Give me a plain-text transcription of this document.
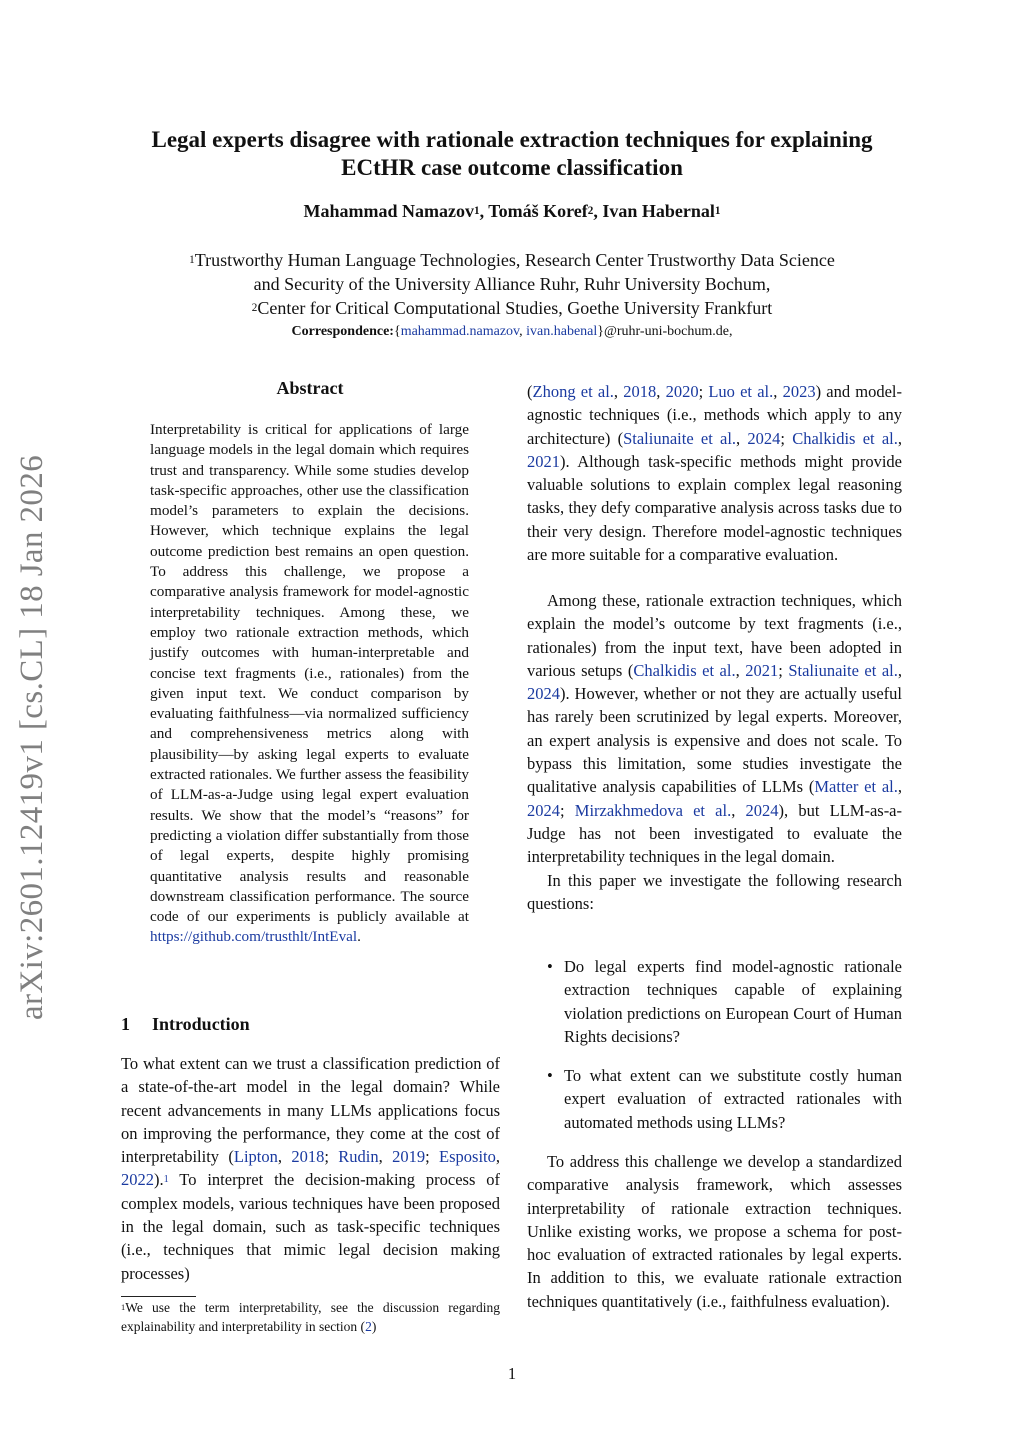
arXiv:2601.12419v1 [cs.CL] 18 Jan 2026
Legal experts disagree with rationale extraction techniques for explaining
ECtHR case outcome classification
Mahammad Namazov$^1$, Tomáš Koref$^2$, Ivan Habernal$^1$
$^1$Trustworthy Human Language Technologies, Research Center Trustworthy Data Science
and Security of the University Alliance Ruhr, Ruhr University Bochum,
$^2$Center for Critical Computational Studies, Goethe University Frankfurt
Correspondence:{mahammad.namazov, ivan.habenal}@ruhr-uni-bochum.de,
Abstract
Interpretability is critical for applications of large language models in the legal domain which requires trust and transparency. While some studies develop task-specific approaches, other use the classification model’s parameters to explain the decisions. However, which technique explains the legal outcome prediction best remains an open question. To address this challenge, we propose a comparative analysis framework for model-agnostic interpretability techniques. Among these, we employ two rationale extraction methods, which justify outcomes with human-interpretable and concise text fragments (i.e., rationales) from the given input text. We conduct comparison by evaluating faithfulness—via normalized sufficiency and comprehensiveness metrics along with plausibility—by asking legal experts to evaluate extracted rationales. We further assess the feasibility of LLM-as-a-Judge using legal expert evaluation results. We show that the model’s “reasons” for predicting a violation differ substantially from those of legal experts, despite highly promising quantitative analysis results and reasonable downstream classification performance. The source code of our experiments is publicly available at https://github.com/trusthlt/IntEval.
1 Introduction
To what extent can we trust a classification prediction of a state-of-the-art model in the legal domain? While recent advancements in many LLMs applications focus on improving the performance, they come at the cost of interpretability (Lipton, 2018; Rudin, 2019; Esposito, 2022).$^1$ To interpret the decision-making process of complex models, various techniques have been proposed in the legal domain, such as task-specific techniques (i.e., techniques that mimic legal decision making processes)
$^1$We use the term interpretability, see the discussion regarding explainability and interpretability in section (2)
(Zhong et al., 2018, 2020; Luo et al., 2023) and model-agnostic techniques (i.e., methods which apply to any architecture) (Staliunaite et al., 2024; Chalkidis et al., 2021). Although task-specific methods might provide valuable solutions to explain complex legal reasoning tasks, they defy comparative analysis across tasks due to their very design. Therefore model-agnostic techniques are more suitable for a comparative evaluation.

Among these, rationale extraction techniques, which explain the model’s outcome by text fragments (i.e., rationales) from the input text, have been adopted in various setups (Chalkidis et al., 2021; Staliunaite et al., 2024). However, whether or not they are actually useful has rarely been scrutinized by legal experts. Moreover, an expert analysis is expensive and does not scale. To bypass this limitation, some studies investigate the qualitative analysis capabilities of LLMs (Matter et al., 2024; Mirzakhmedova et al., 2024), but LLM-as-a-Judge has not been investigated to evaluate the interpretability techniques in the legal domain.

In this paper we investigate the following research questions:

• Do legal experts find model-agnostic rationale extraction techniques capable of explaining violation predictions on European Court of Human Rights decisions?
• To what extent can we substitute costly human expert evaluation of extracted rationales with automated methods using LLMs?
To address this challenge we develop a standardized comparative analysis framework, which assesses interpretability of rationale extraction techniques. Unlike existing works, we propose a schema for post-hoc evaluation of extracted rationales by legal experts. In addition to this, we evaluate rationale extraction techniques quantitatively (i.e., faithfulness evaluation).
1
